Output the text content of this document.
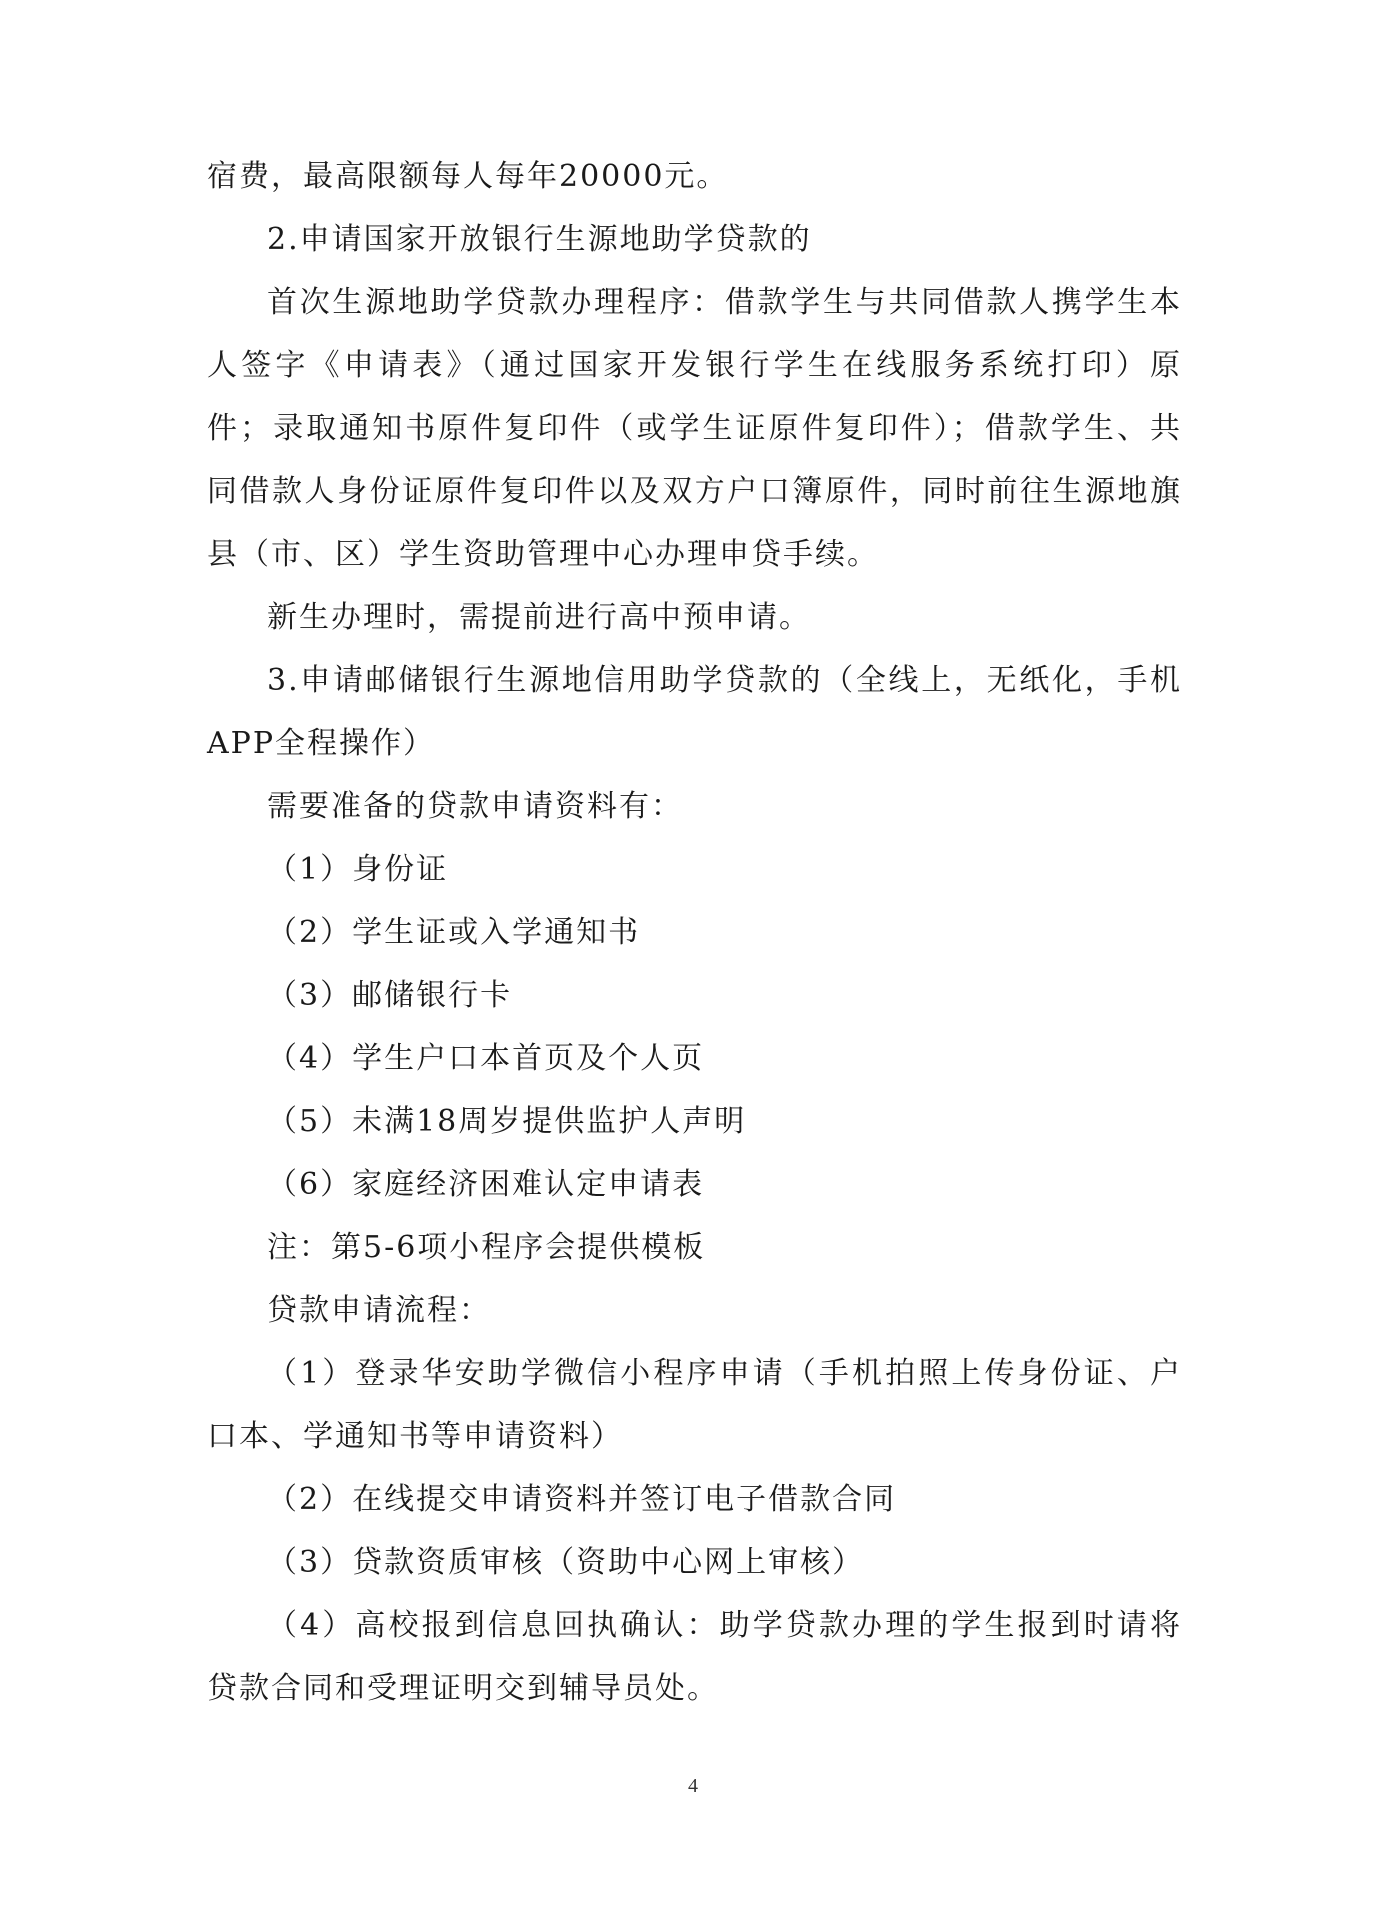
宿费，最高限额每人每年20000元。

2.申请国家开放银行生源地助学贷款的

首次生源地助学贷款办理程序：借款学生与共同借款人携学生本人签字《申请表》（通过国家开发银行学生在线服务系统打印）原件；录取通知书原件复印件（或学生证原件复印件）；借款学生、共同借款人身份证原件复印件以及双方户口簿原件，同时前往生源地旗县（市、区）学生资助管理中心办理申贷手续。

新生办理时，需提前进行高中预申请。

3.申请邮储银行生源地信用助学贷款的（全线上，无纸化，手机APP全程操作）

需要准备的贷款申请资料有：

（1）身份证

（2）学生证或入学通知书

（3）邮储银行卡

（4）学生户口本首页及个人页

（5）未满18周岁提供监护人声明

（6）家庭经济困难认定申请表

注：第5-6项小程序会提供模板

贷款申请流程：

（1）登录华安助学微信小程序申请（手机拍照上传身份证、户口本、学通知书等申请资料）

（2）在线提交申请资料并签订电子借款合同

（3）贷款资质审核（资助中心网上审核）

（4）高校报到信息回执确认：助学贷款办理的学生报到时请将贷款合同和受理证明交到辅导员处。

4
